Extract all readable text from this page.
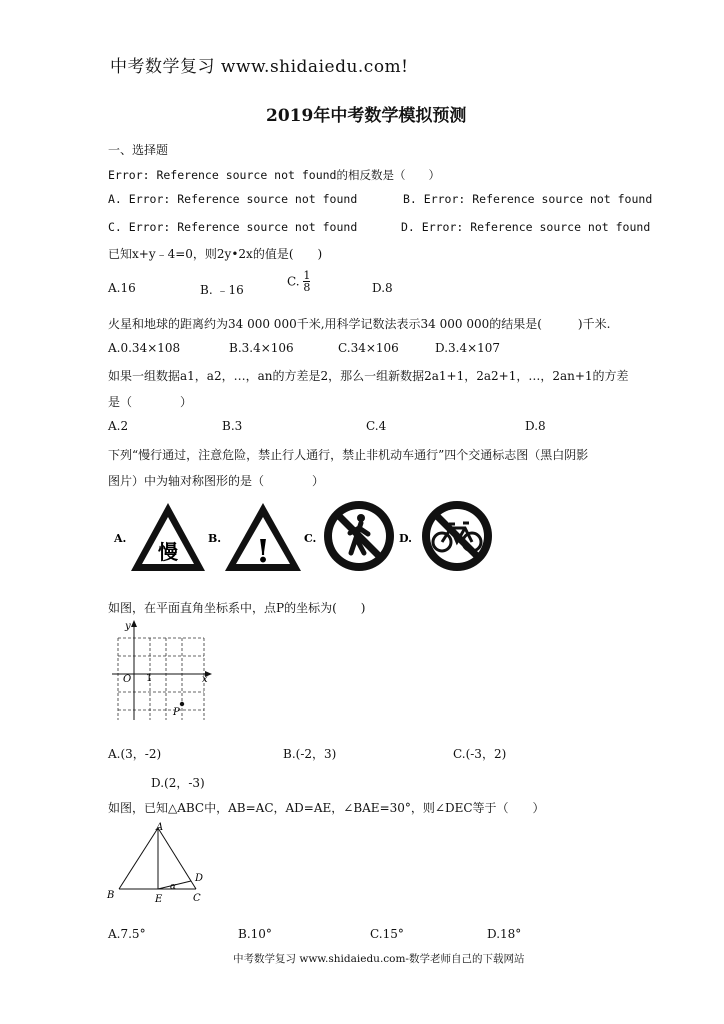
中考数学复习 www.shidaiedu.com!
2019年中考数学模拟预测
一、选择题
Error: Reference source not found的相反数是（　　）
A. Error: Reference source not found	B. Error: Reference source not found
C. Error: Reference source not found	D. Error: Reference source not found
已知x+y﹣4=0，则2y•2x的值是(　　)
A.16	B. ﹣16
C. $\frac{1}{8}$	D.8
火星和地球的距离约为34 000 000千米,用科学记数法表示34 000 000的结果是(　　　)千米.
A.0.34×108	B.3.4×106	C.34×106	D.3.4×107
如果一组数据a1，a2，…，an的方差是2，那么一组新数据2a1+1，2a2+1，…，2an+1的方差
是（　　　　）
A.2	B.3	C.4	D.8
下列“慢行通过，注意危险，禁止行人通行，禁止非机动车通行”四个交通标志图（黑白阴影
图片）中为轴对称图形的是（　　　　）
A.
慢
B. !	C.	D.
如图，在平面直角坐标系中，点P的坐标为(　　)
y
x
O 1
P
A.(3，-2)	B.(-2，3)	C.(-3，2)
D.(2，-3)
如图，已知△ABC中，AB=AC，AD=AE，∠BAE=30°，则∠DEC等于（　　）
A
B	C
D
E
α
A.7.5°	B.10°	C.15°	D.18°
中考数学复习 www.shidaiedu.com-数学老师自己的下载网站
